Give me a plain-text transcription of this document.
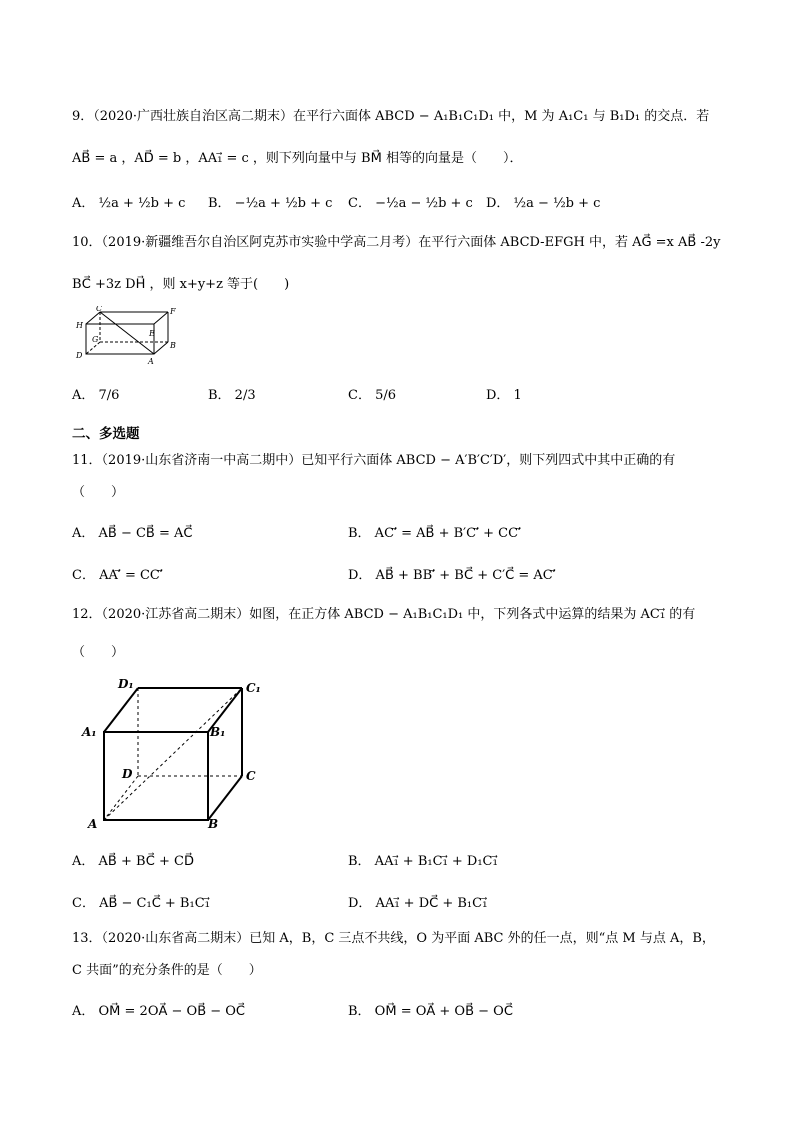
9．（2020·广西壮族自治区高二期末）在平行六面体 ABCD − A₁B₁C₁D₁ 中，M 为 A₁C₁ 与 B₁D₁ 的交点．若
AB⃗ = a ，AD⃗ = b ，AA₁⃗ = c ，则下列向量中与 BM⃗ 相等的向量是（　　）．
A． ½a + ½b + c B． −½a + ½b + c C． −½a − ½b + c D． ½a − ½b + c
10．（2019·新疆维吾尔自治区阿克苏市实验中学高二月考）在平行六面体 ABCD-EFGH 中，若 AG⃗ =x AB⃗ -2y
BC⃗ +3z DH⃗ ，则 x+y+z 等于(　　)
C	F
H
E
G
B
D
A
A． 7/6	B． 2/3	C． 5/6	D． 1
二、多选题
11．（2019·山东省济南一中高二期中）已知平行六面体 ABCD − A′B′C′D′，则下列四式中其中正确的有
（　　）
A． AB⃗ − CB⃗ = AC⃗	B． AC′⃗ = AB⃗ + B′C′⃗ + CC′⃗
C． AA′⃗ = CC′⃗	D． AB⃗ + BB′⃗ + BC⃗ + C′C⃗ = AC′⃗
12．（2020·江苏省高二期末）如图，在正方体 ABCD − A₁B₁C₁D₁ 中，下列各式中运算的结果为 AC₁⃗ 的有
（　　）
D₁	C₁
A₁	B₁
D	C
A	B
A． AB⃗ + BC⃗ + CD⃗	B． AA₁⃗ + B₁C₁⃗ + D₁C₁⃗
C． AB⃗ − C₁C⃗ + B₁C₁⃗	D． AA₁⃗ + DC⃗ + B₁C₁⃗
13．（2020·山东省高二期末）已知 A，B，C 三点不共线，O 为平面 ABC 外的任一点，则“点 M 与点 A，B，
C 共面”的充分条件的是（　　）
A． OM⃗ = 2OA⃗ − OB⃗ − OC⃗	B． OM⃗ = OA⃗ + OB⃗ − OC⃗
